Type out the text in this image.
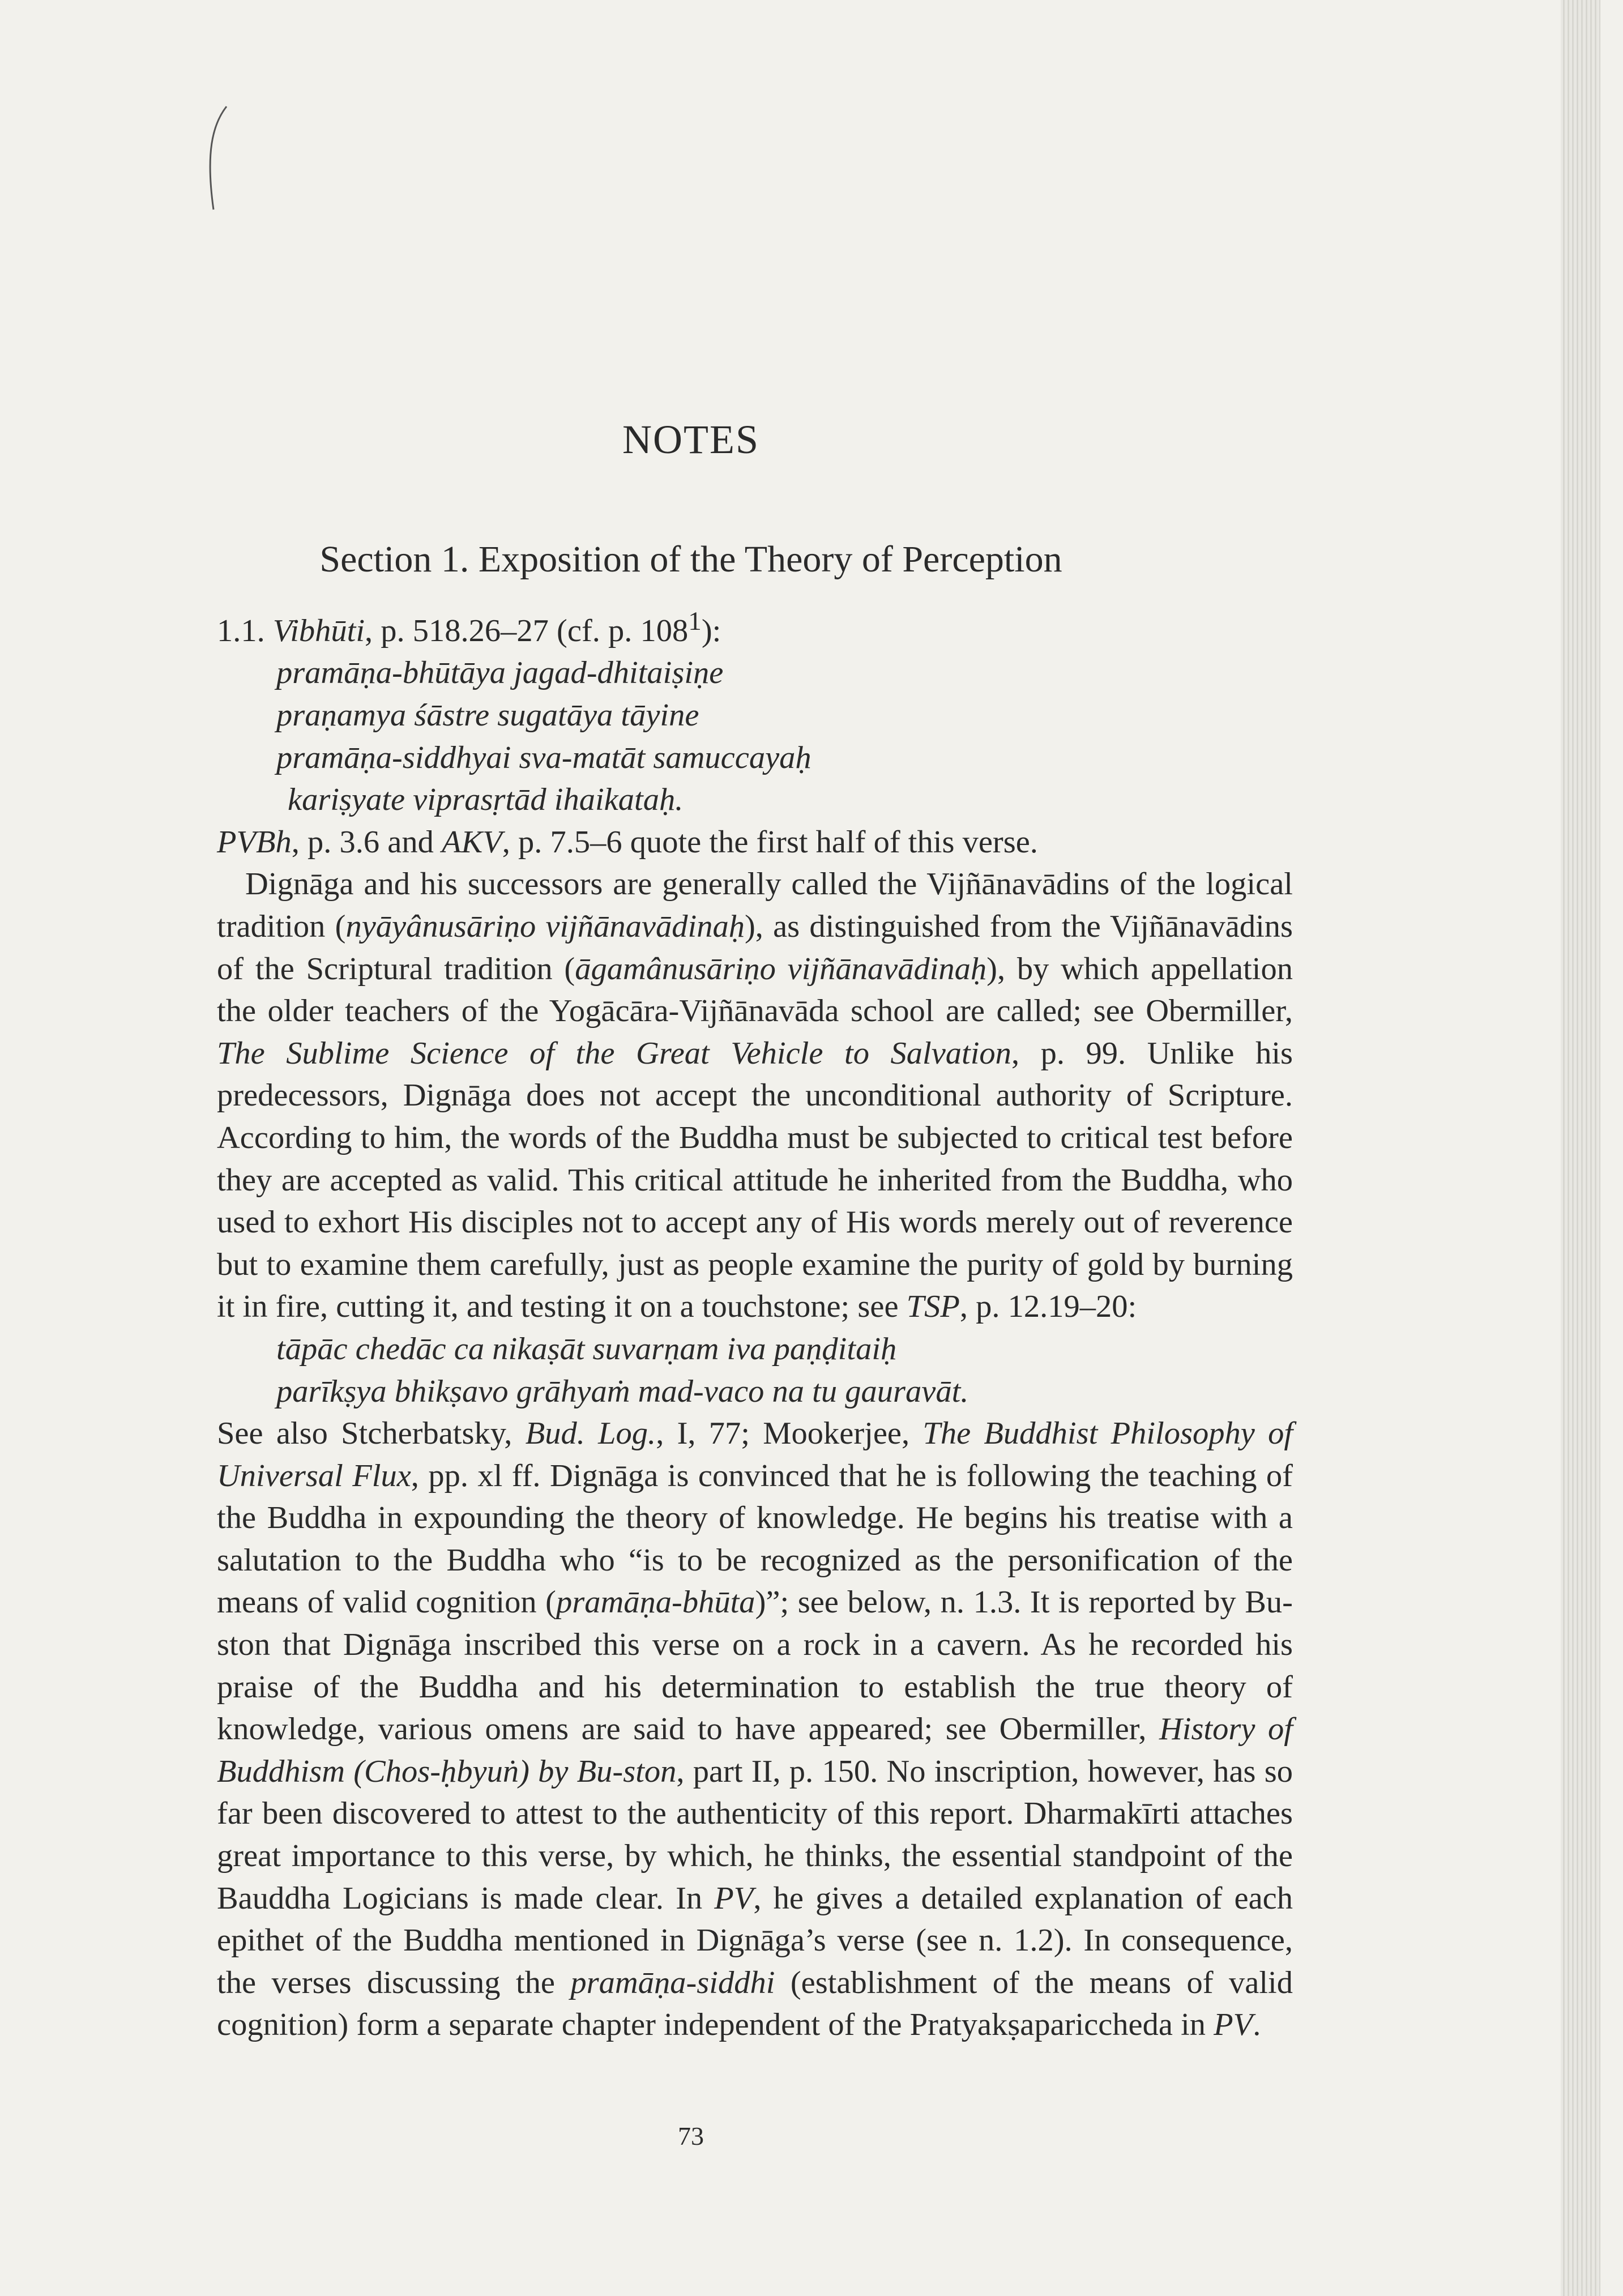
NOTES
Section 1. Exposition of the Theory of Perception

1.1. Vibhūti, p. 518.26–27 (cf. p. $108^1$):

pramāṇa-bhūtāya jagad-dhitaiṣiṇe

praṇamya śāstre sugatāya tāyine

pramāṇa-siddhyai sva-matāt samuccayaḥ

kariṣyate viprasṛtād ihaikataḥ.

PVBh, p. 3.6 and AKV, p. 7.5–6 quote the first half of this verse.

Dignāga and his successors are generally called the Vijñānavādins of the logical tradition (nyāyânusāriṇo vijñānavādinaḥ), as distinguished from the Vijñānavādins of the Scriptural tradition (āgamânusāriṇo vijñānavādinaḥ), by which appellation the older teachers of the Yogācāra-Vijñānavāda school are called; see Obermiller, The Sublime Science of the Great Vehicle to Salvation, p. 99. Unlike his predecessors, Dignāga does not accept the unconditional authority of Scripture. According to him, the words of the Buddha must be subjected to critical test before they are accepted as valid. This critical attitude he inherited from the Buddha, who used to exhort His disciples not to accept any of His words merely out of reverence but to examine them carefully, just as people examine the purity of gold by burning it in fire, cutting it, and testing it on a touchstone; see TSP, p. 12.19–20:

tāpāc chedāc ca nikaṣāt suvarṇam iva paṇḍitaiḥ

parīkṣya bhikṣavo grāhyaṁ mad-vaco na tu gauravāt.

See also Stcherbatsky, Bud. Log., I, 77; Mookerjee, The Buddhist Philosophy of Universal Flux, pp. xl ff. Dignāga is convinced that he is following the teaching of the Buddha in expounding the theory of knowledge. He begins his treatise with a salutation to the Buddha who “is to be recognized as the personification of the means of valid cognition (pramāṇa-bhūta)”; see below, n. 1.3. It is reported by Bu-ston that Dignāga inscribed this verse on a rock in a cavern. As he recorded his praise of the Buddha and his determination to establish the true theory of knowledge, various omens are said to have appeared; see Obermiller, History of Buddhism (Chos-ḥbyuṅ) by Bu-ston, part II, p. 150. No inscription, however, has so far been discovered to attest to the authenticity of this report. Dharmakīrti attaches great importance to this verse, by which, he thinks, the essential standpoint of the Bauddha Logicians is made clear. In PV, he gives a detailed explanation of each epithet of the Buddha mentioned in Dignāga’s verse (see n. 1.2). In consequence, the verses discussing the pramāṇa-siddhi (establishment of the means of valid cognition) form a separate chapter independent of the Pratyakṣapariccheda in PV.

73
